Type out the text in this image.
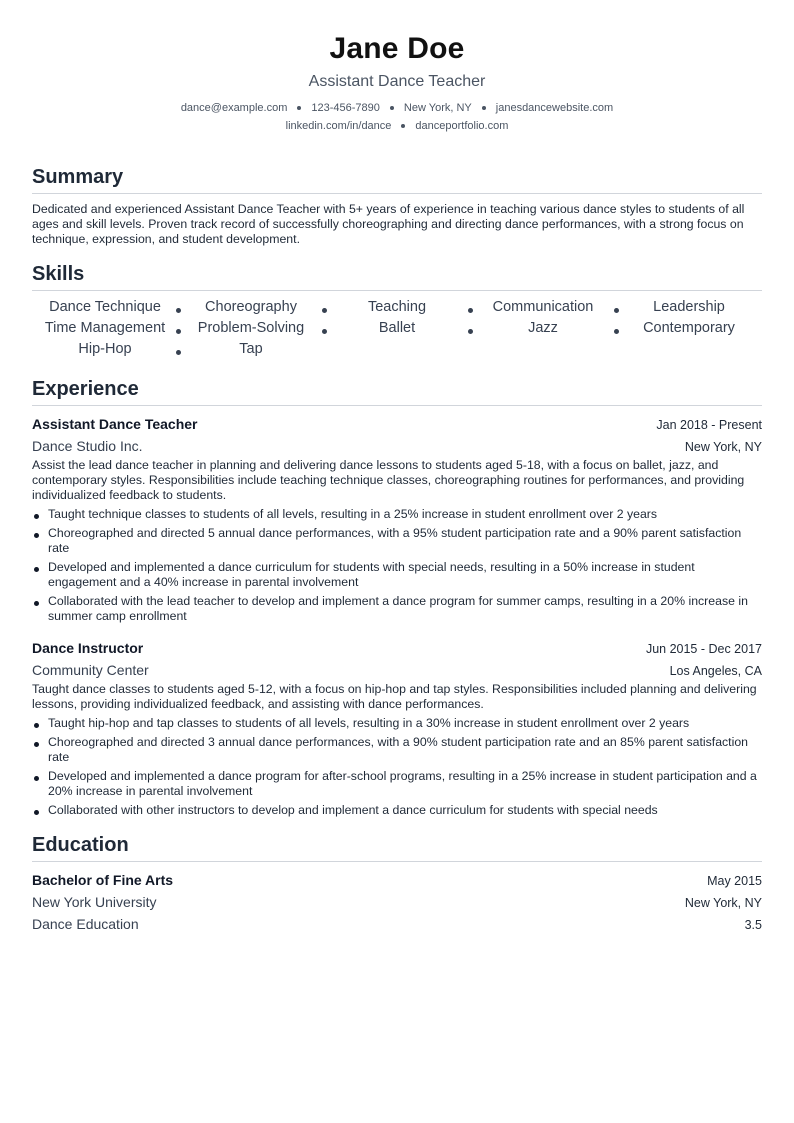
Jane Doe
Assistant Dance Teacher
dance@example.com 123-456-7890 New York, NY janesdancewebsite.com
linkedin.com/in/dance danceportfolio.com
Summary
Dedicated and experienced Assistant Dance Teacher with 5+ years of experience in teaching various dance styles to students of all ages and skill levels. Proven track record of successfully choreographing and directing dance performances, with a strong focus on technique, expression, and student development.
Skills
Dance Technique	Choreography	Teaching	Communication	Leadership
Time Management	Problem-Solving	Ballet	Jazz	Contemporary
Hip-Hop	Tap
Experience
Assistant Dance Teacher	Jan 2018 - Present
Dance Studio Inc.	New York, NY
Assist the lead dance teacher in planning and delivering dance lessons to students aged 5-18, with a focus on ballet, jazz, and contemporary styles. Responsibilities include teaching technique classes, choreographing routines for performances, and providing individualized feedback to students.
Taught technique classes to students of all levels, resulting in a 25% increase in student enrollment over 2 years
Choreographed and directed 5 annual dance performances, with a 95% student participation rate and a 90% parent satisfaction rate
Developed and implemented a dance curriculum for students with special needs, resulting in a 50% increase in student engagement and a 40% increase in parental involvement
Collaborated with the lead teacher to develop and implement a dance program for summer camps, resulting in a 20% increase in summer camp enrollment
Dance Instructor	Jun 2015 - Dec 2017
Community Center	Los Angeles, CA
Taught dance classes to students aged 5-12, with a focus on hip-hop and tap styles. Responsibilities included planning and delivering lessons, providing individualized feedback, and assisting with dance performances.
Taught hip-hop and tap classes to students of all levels, resulting in a 30% increase in student enrollment over 2 years
Choreographed and directed 3 annual dance performances, with a 90% student participation rate and an 85% parent satisfaction rate
Developed and implemented a dance program for after-school programs, resulting in a 25% increase in student participation and a 20% increase in parental involvement
Collaborated with other instructors to develop and implement a dance curriculum for students with special needs
Education
Bachelor of Fine Arts	May 2015
New York University	New York, NY
Dance Education	3.5
